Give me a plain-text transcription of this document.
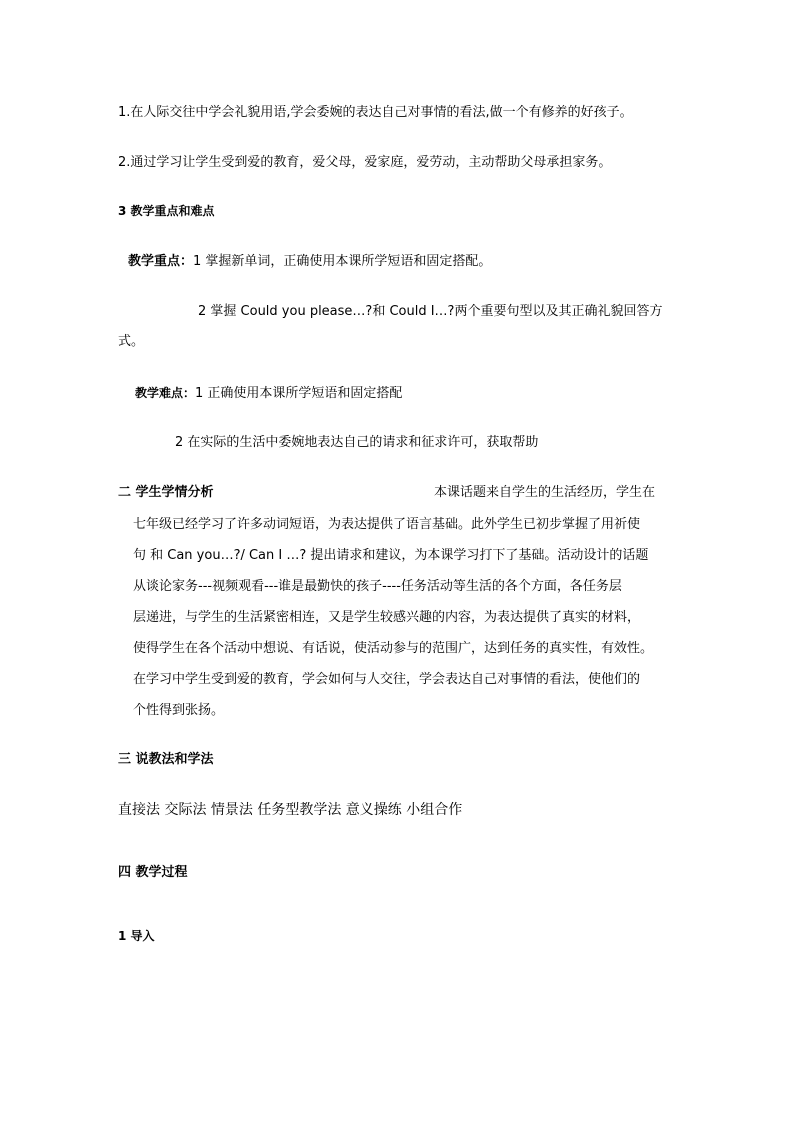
1.在人际交往中学会礼貌用语,学会委婉的表达自己对事情的看法,做一个有修养的好孩子。
2.通过学习让学生受到爱的教育，爱父母，爱家庭，爱劳动，主动帮助父母承担家务。
3 教学重点和难点
教学重点：1 掌握新单词，正确使用本课所学短语和固定搭配。
2 掌握 Could you please…?和 Could I…?两个重要句型以及其正确礼貌回答方
式。
教学难点：1 正确使用本课所学短语和固定搭配
2 在实际的生活中委婉地表达自己的请求和征求许可，获取帮助
二 学生学情分析	本课话题来自学生的生活经历，学生在
七年级已经学习了许多动词短语，为表达提供了语言基础。此外学生已初步掌握了用祈使
句 和 Can you…?/ Can I …? 提出请求和建议，为本课学习打下了基础。活动设计的话题
从谈论家务---视频观看---谁是最勤快的孩子----任务活动等生活的各个方面，各任务层
层递进，与学生的生活紧密相连，又是学生较感兴趣的内容，为表达提供了真实的材料，
使得学生在各个活动中想说、有话说，使活动参与的范围广，达到任务的真实性，有效性。
在学习中学生受到爱的教育，学会如何与人交往，学会表达自己对事情的看法，使他们的
个性得到张扬。
三 说教法和学法
直接法 交际法 情景法 任务型教学法 意义操练 小组合作
四 教学过程
1 导入
